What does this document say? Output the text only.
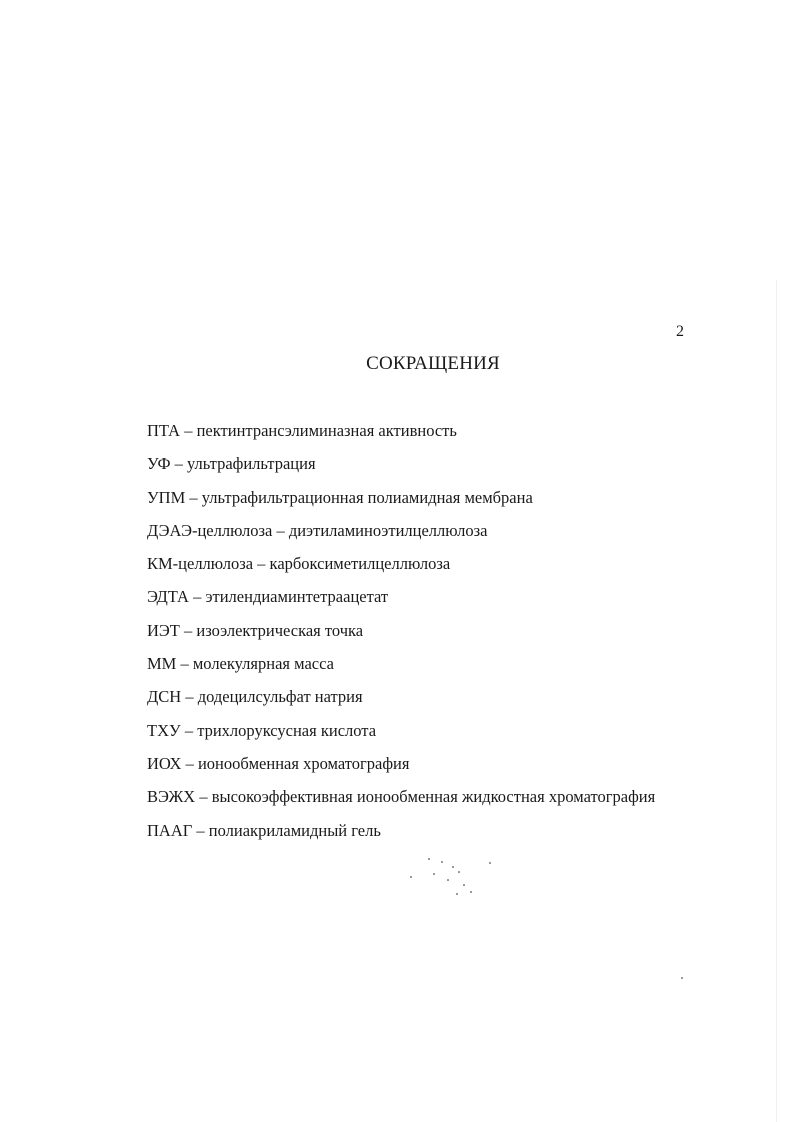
2
СОКРАЩЕНИЯ
ПТА – пектинтрансэлиминазная активность
УФ – ультрафильтрация
УПМ – ультрафильтрационная полиамидная мембрана
ДЭАЭ-целлюлоза – диэтиламиноэтилцеллюлоза
КМ-целлюлоза – карбоксиметилцеллюлоза
ЭДТА – этилендиаминтетраацетат
ИЭТ – изоэлектрическая точка
ММ – молекулярная масса
ДСН – додецилсульфат натрия
ТХУ – трихлоруксусная кислота
ИОХ – ионообменная хроматография
ВЭЖХ – высокоэффективная ионообменная жидкостная хроматография
ПААГ – полиакриламидный гель
